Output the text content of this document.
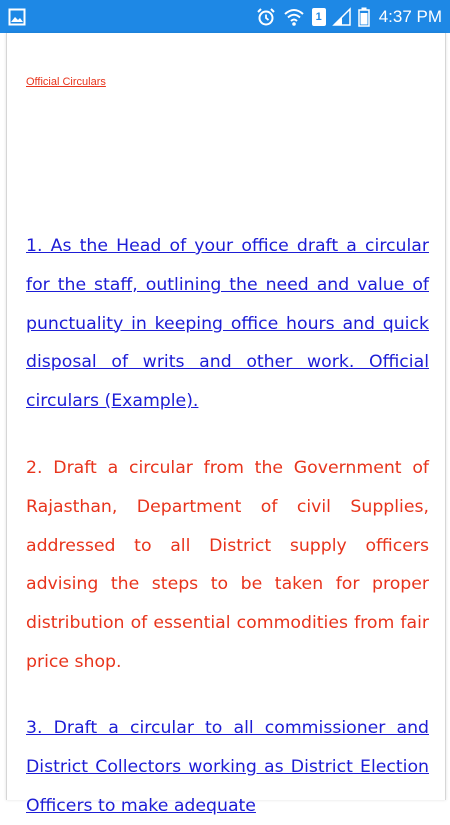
1	4:37 PM
Official Circulars

1. As the Head of your office draft a circular for the staff, outlining the need and value of punctuality in keeping office hours and quick disposal of writs and other work. Official circulars (Example).

2. Draft a circular from the Government of Rajasthan, Department of civil Supplies, addressed to all District supply officers advising the steps to be taken for proper distribution of essential commodities from fair price shop.

3. Draft a circular to all commissioner and District Collectors working as District Election Officers to make adequate
